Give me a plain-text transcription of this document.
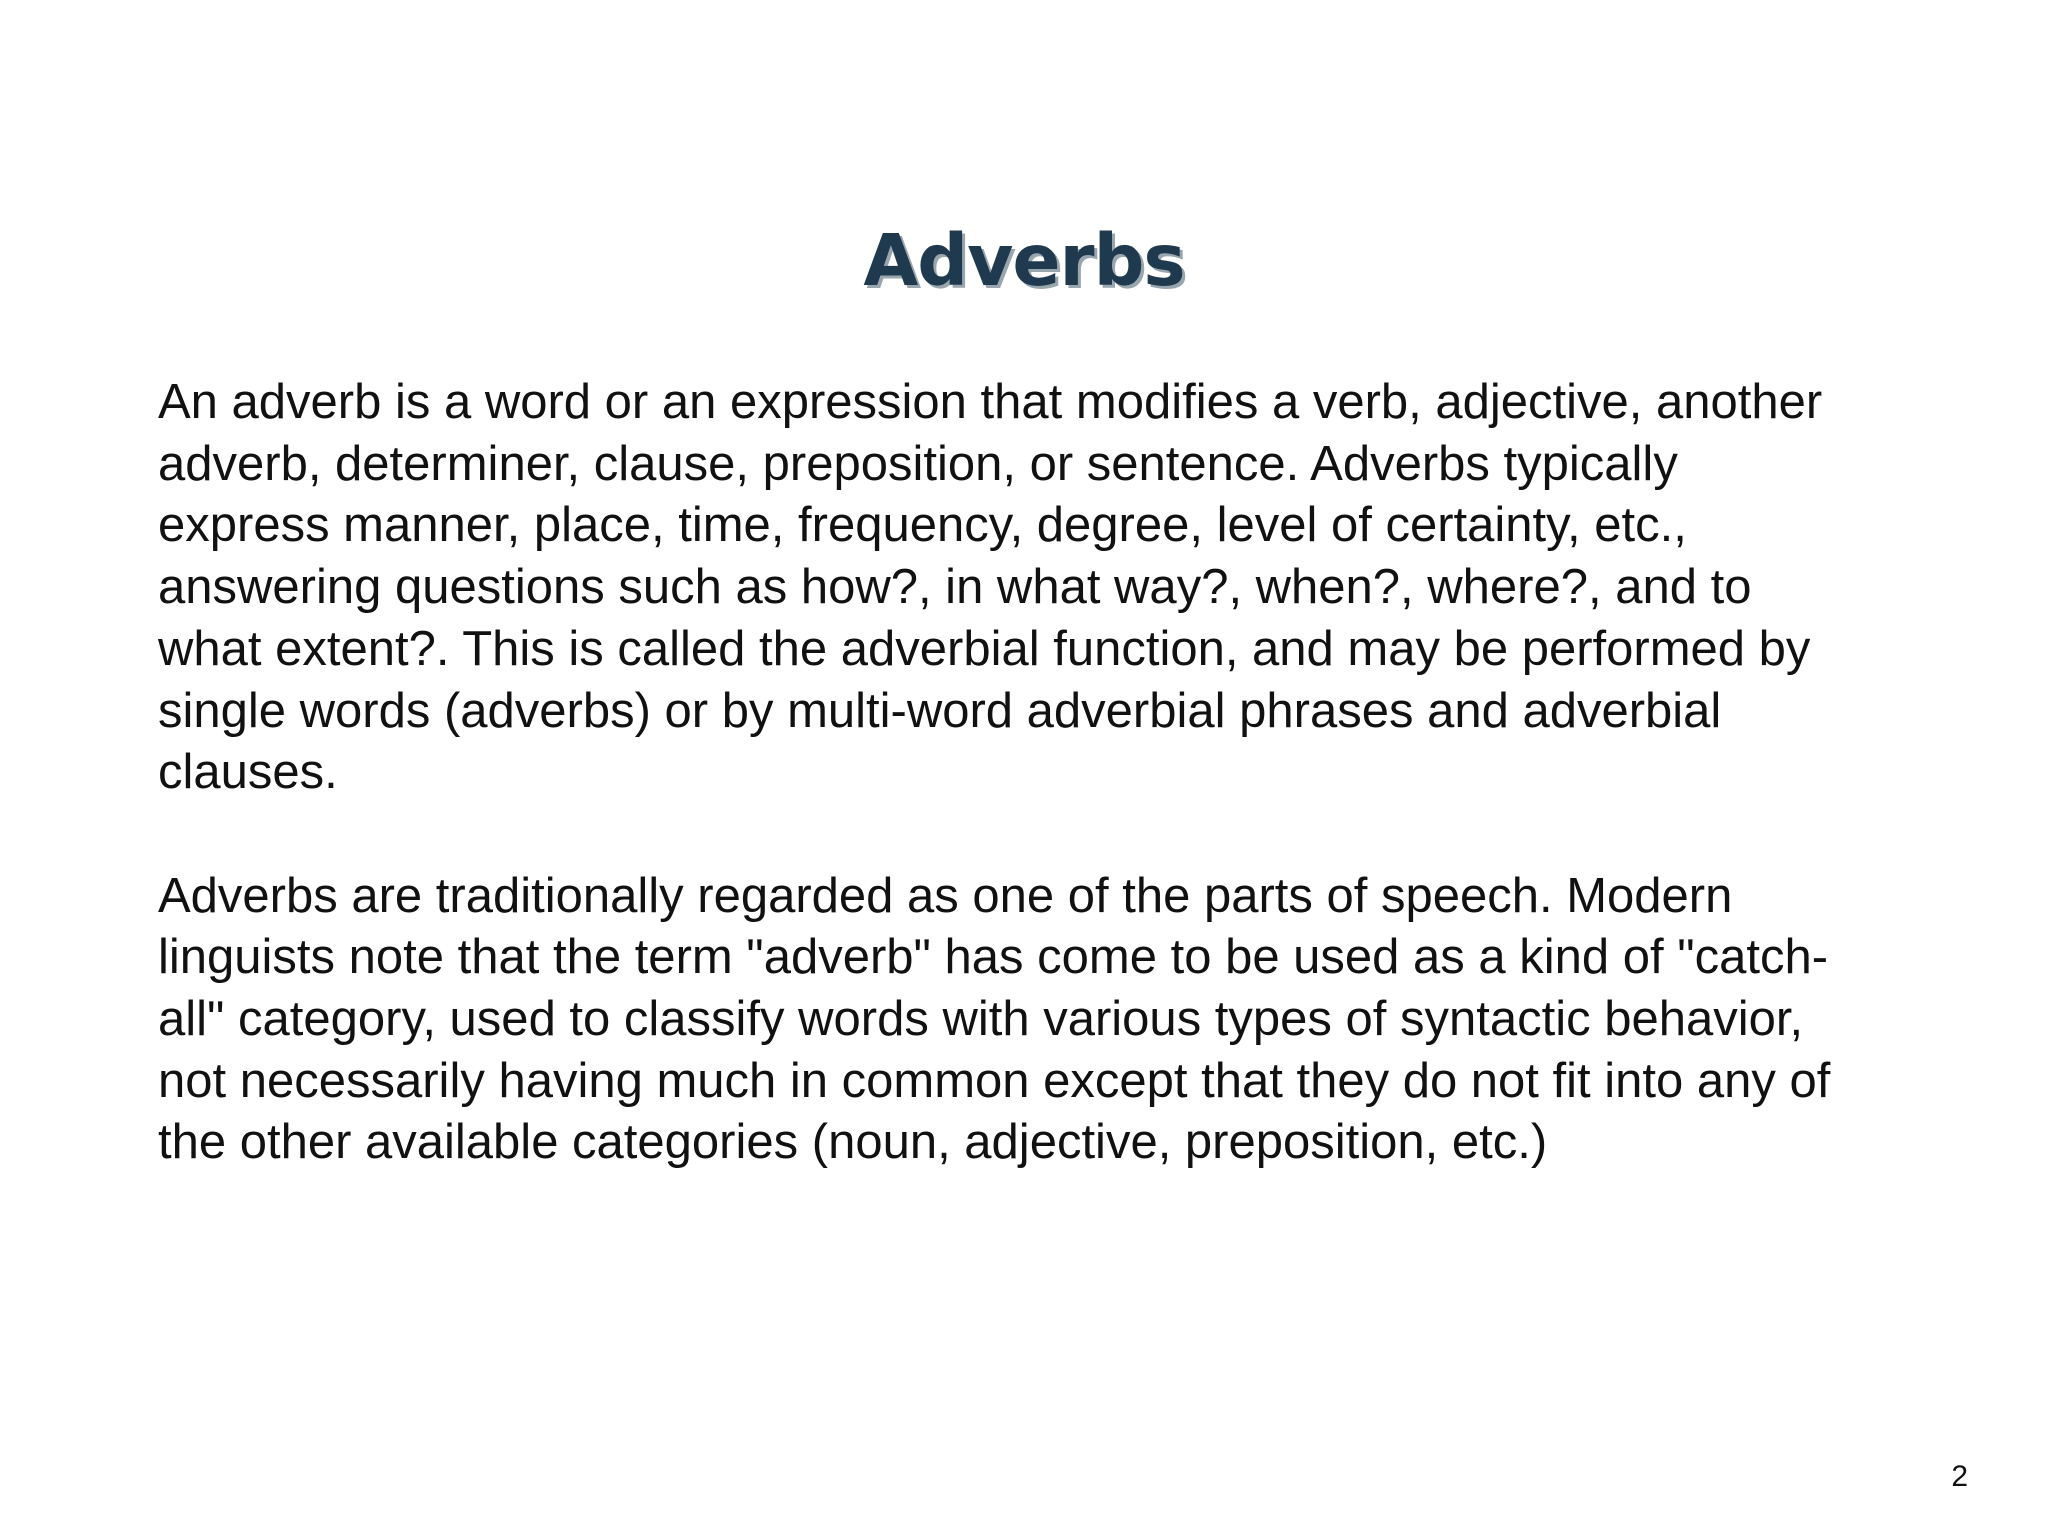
Adverbs

An adverb is a word or an expression that modifies a verb, adjective, another
adverb, determiner, clause, preposition, or sentence. Adverbs typically
express manner, place, time, frequency, degree, level of certainty, etc.,
answering questions such as how?, in what way?, when?, where?, and to
what extent?. This is called the adverbial function, and may be performed by
single words (adverbs) or by multi-word adverbial phrases and adverbial
clauses.

Adverbs are traditionally regarded as one of the parts of speech. Modern
linguists note that the term "adverb" has come to be used as a kind of "catch-
all" category, used to classify words with various types of syntactic behavior,
not necessarily having much in common except that they do not fit into any of
the other available categories (noun, adjective, preposition, etc.)

2
